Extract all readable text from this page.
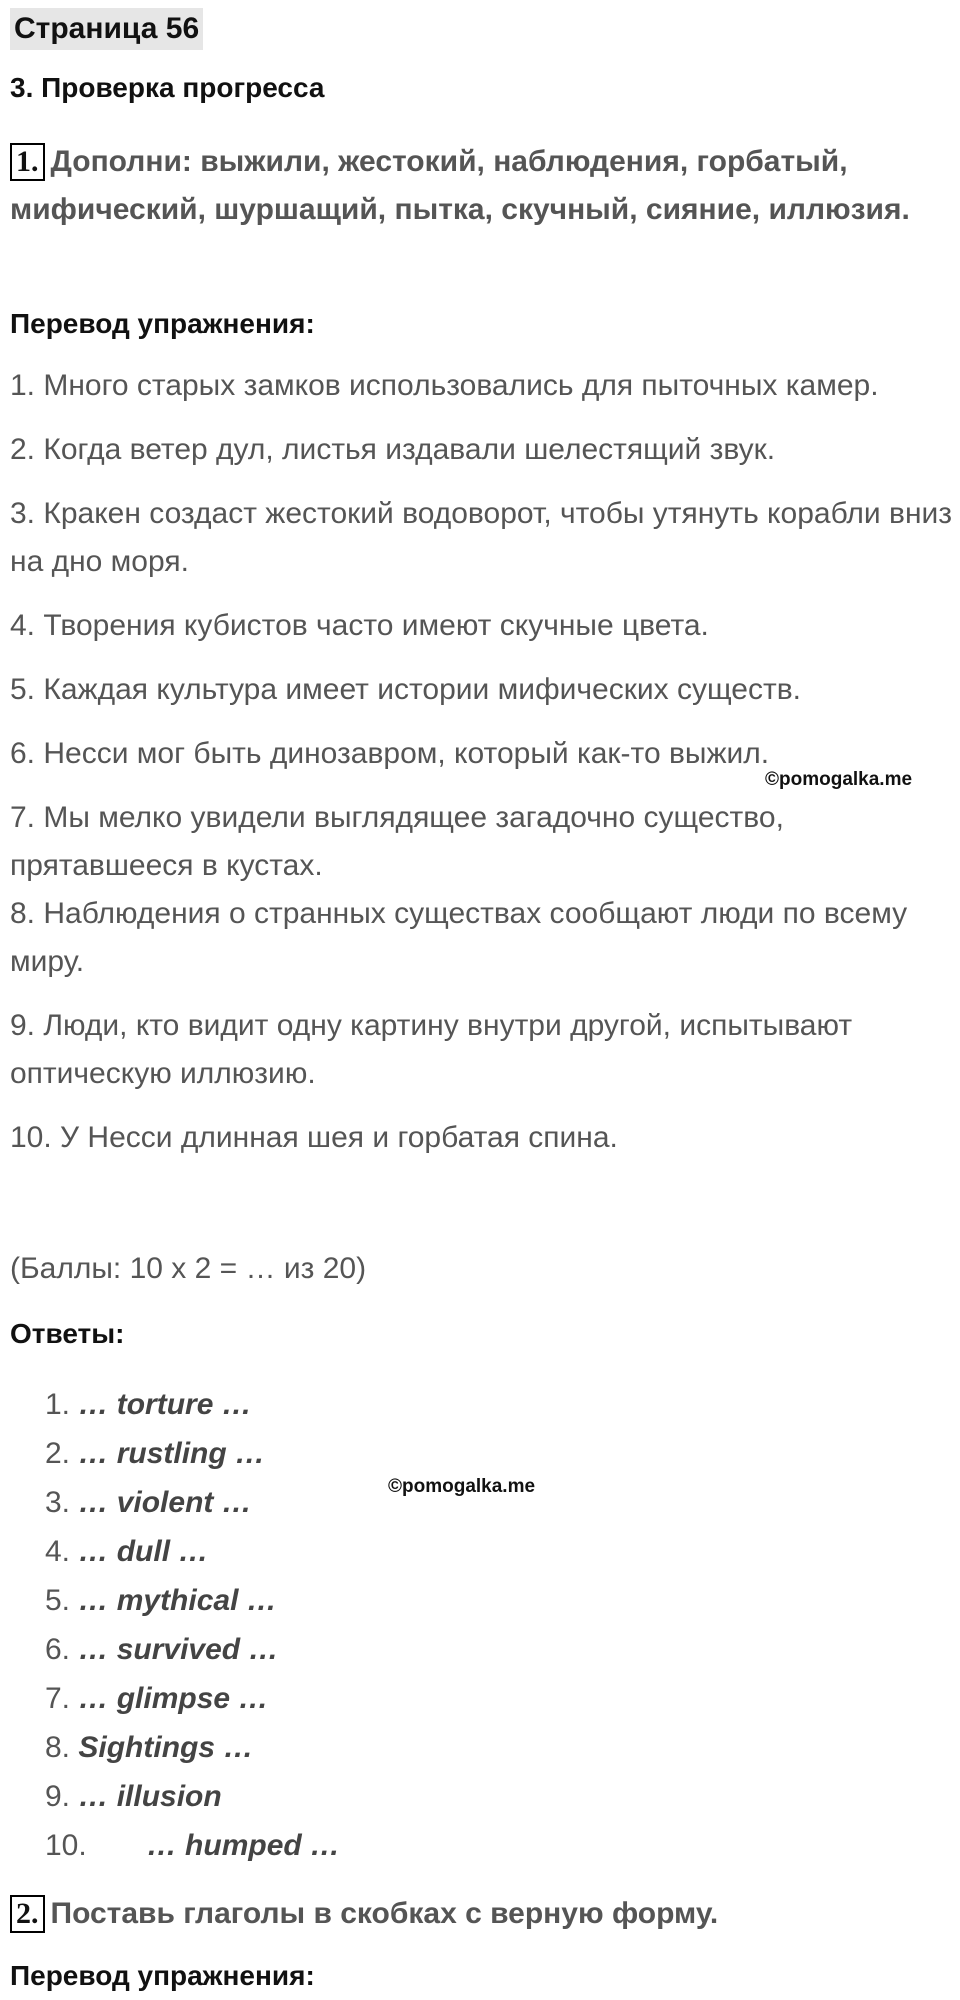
Страница 56
3. Проверка прогресса
1. Дополни: выжили, жестокий, наблюдения, горбатый, мифический, шуршащий, пытка, скучный, сияние, иллюзия.
Перевод упражнения:

1. Много старых замков использовались для пыточных камер.

2. Когда ветер дул, листья издавали шелестящий звук.

3. Кракен создаст жестокий водоворот, чтобы утянуть корабли вниз на дно моря.

4. Творения кубистов часто имеют скучные цвета.

5. Каждая культура имеет истории мифических существ.

6. Несси мог быть динозавром, который как-то выжил.

7. Мы мелко увидели выглядящее загадочно существо, прятавшееся в кустах.

8. Наблюдения о странных существах сообщают люди по всему миру.

9. Люди, кто видит одну картину внутри другой, испытывают оптическую иллюзию.

10. У Несси длинная шея и горбатая спина.

(Баллы: 10 х 2 = … из 20)
Ответы:
1. … torture …
2. … rustling …
3. … violent …
4. … dull …
5. … mythical …
6. … survived …
7. … glimpse …
8. Sightings …
9. … illusion
10. … humped …
2. Поставь глаголы в скобках с верную форму.
Перевод упражнения:
©pomogalka.me
©pomogalka.me
